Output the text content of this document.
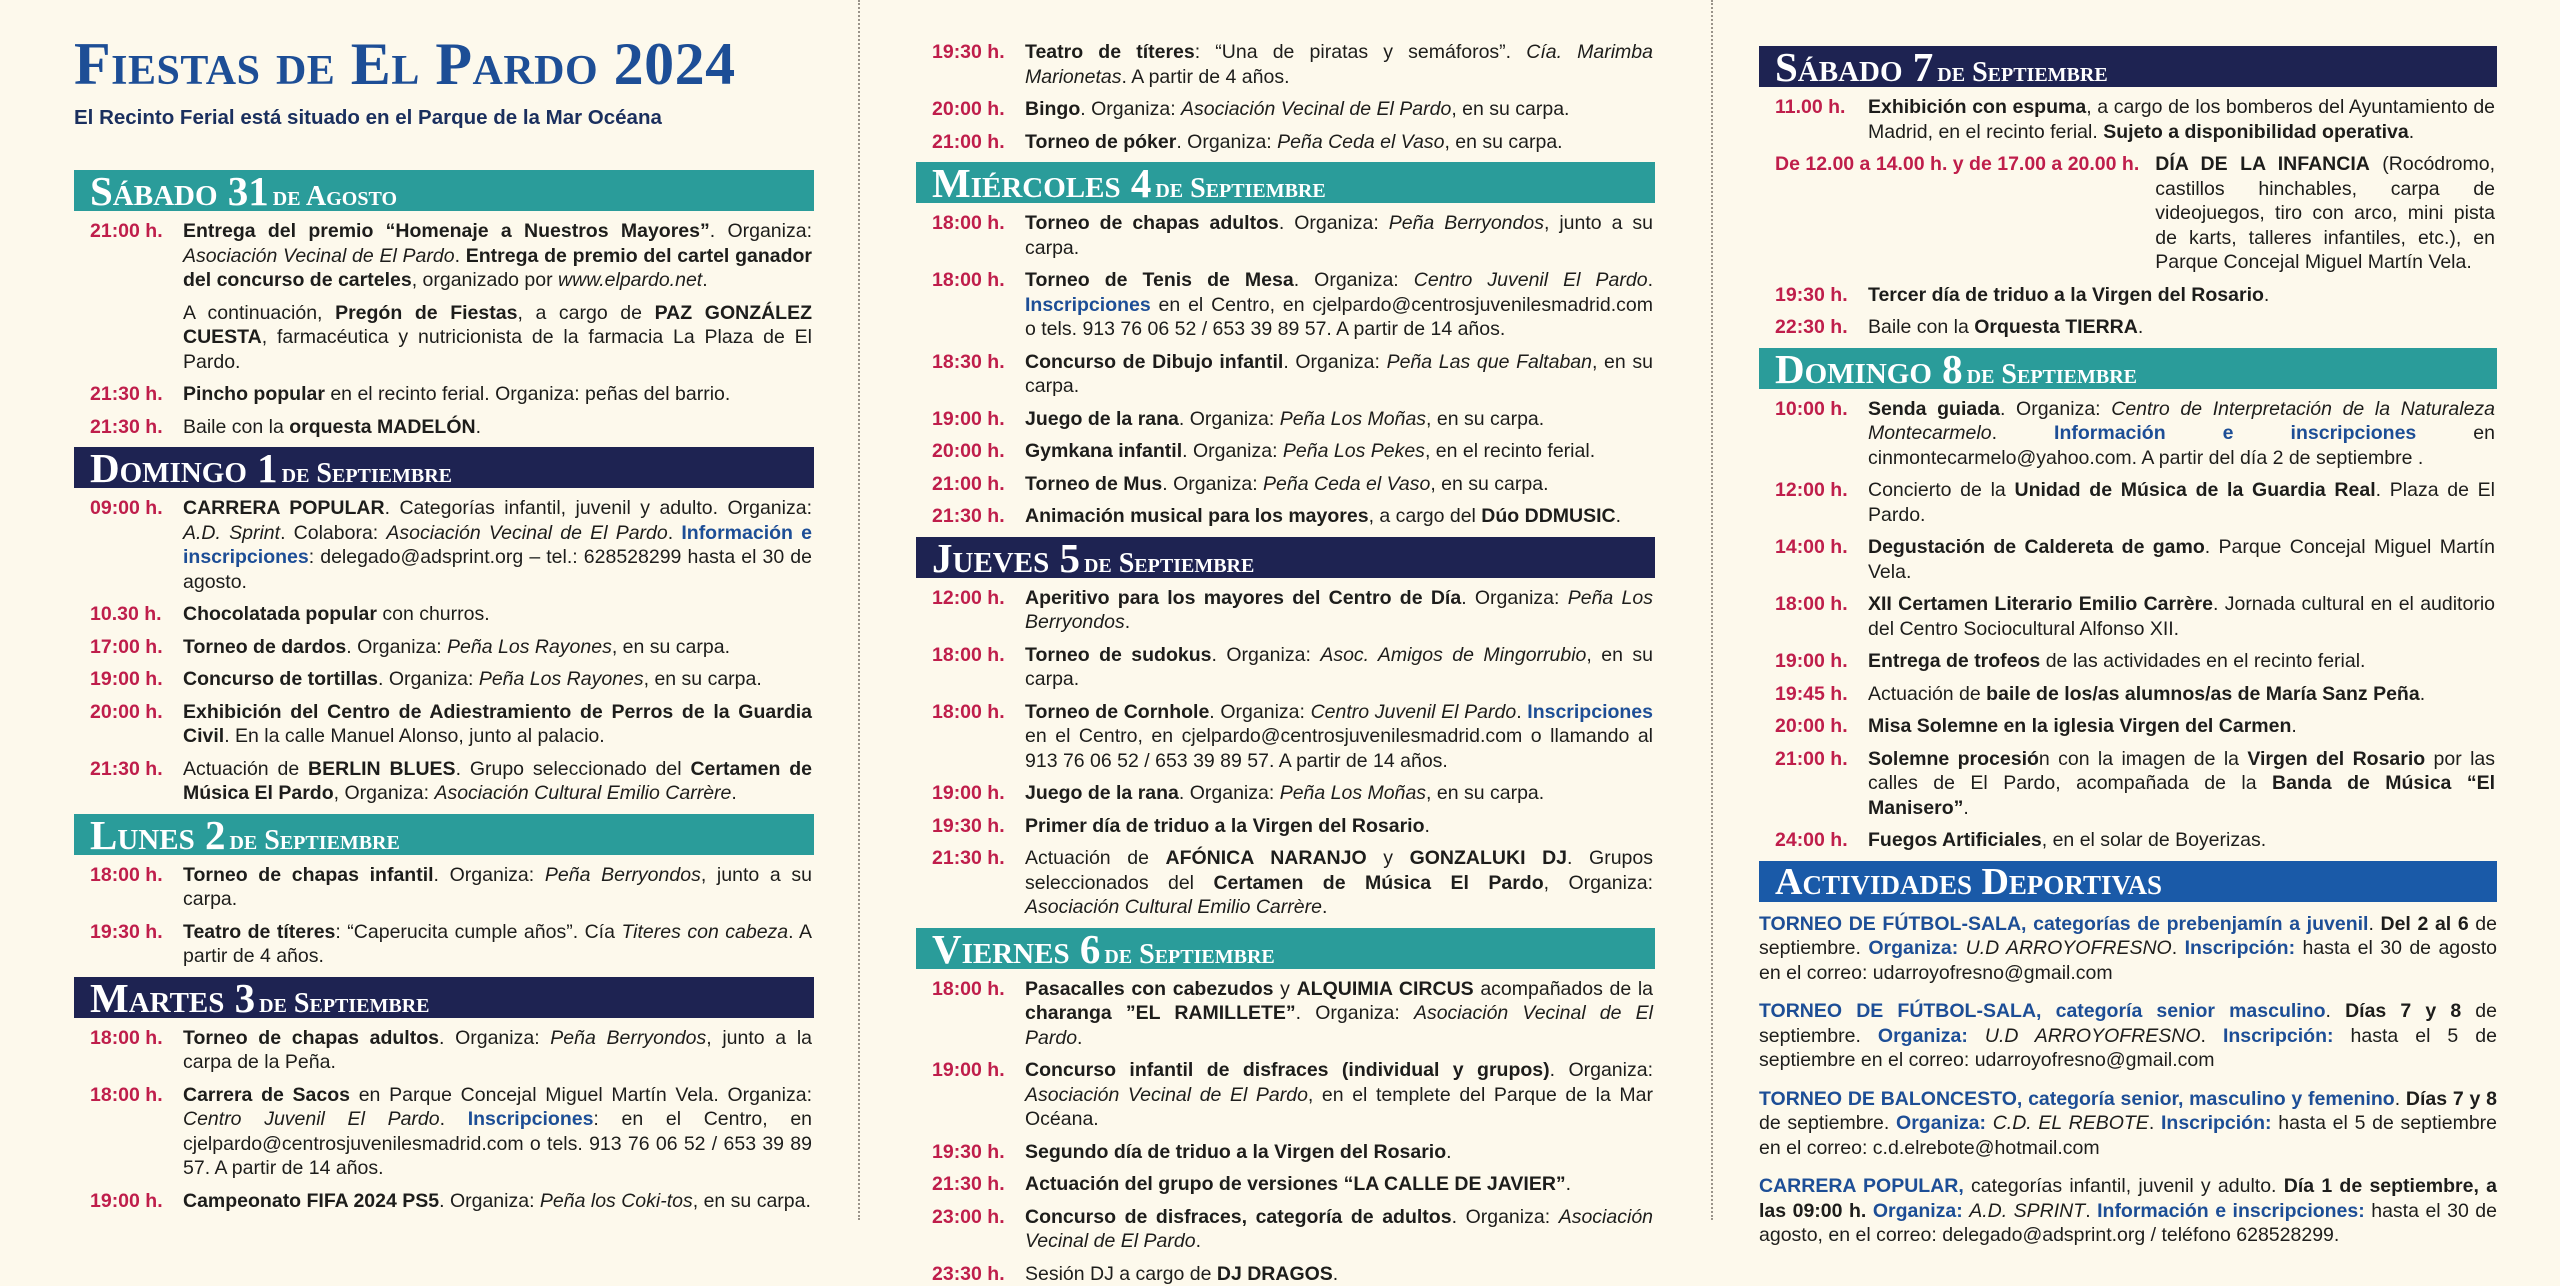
Fiestas de El Pardo 2024
El Recinto Ferial está situado en el Parque de la Mar Océana
Sábado 31 de Agosto
21:00 h.	Entrega del premio “Homenaje a Nuestros Mayores”. Organiza: Asociación Vecinal de El Pardo. Entrega de premio del cartel ganador del concurso de carteles, organizado por www.elpardo.net.
A continuación, Pregón de Fiestas, a cargo de PAZ GONZÁLEZ CUESTA, farmacéutica y nutricionista de la farmacia La Plaza de El Pardo.
21:30 h.	Pincho popular en el recinto ferial. Organiza: peñas del barrio.
21:30 h.	Baile con la orquesta MADELÓN.
Domingo 1 de Septiembre
09:00 h.	CARRERA POPULAR. Categorías infantil, juvenil y adulto. Organiza: A.D. Sprint. Colabora: Asociación Vecinal de El Pardo. Información e inscripciones: delegado@adsprint.org – tel.: 628528299 hasta el 30 de agosto.
10.30 h.	Chocolatada popular con churros.
17:00 h.	Torneo de dardos. Organiza: Peña Los Rayones, en su carpa.
19:00 h.	Concurso de tortillas. Organiza: Peña Los Rayones, en su carpa.
20:00 h.	Exhibición del Centro de Adiestramiento de Perros de la Guardia Civil. En la calle Manuel Alonso, junto al palacio.
21:30 h.	Actuación de BERLIN BLUES. Grupo seleccionado del Certamen de Música El Pardo, Organiza: Asociación Cultural Emilio Carrère.
Lunes 2 de Septiembre
18:00 h.	Torneo de chapas infantil. Organiza: Peña Berryondos, junto a su carpa.
19:30 h.	Teatro de títeres: “Caperucita cumple años”. Cía Titeres con cabeza. A partir de 4 años.
Martes 3 de Septiembre
18:00 h.	Torneo de chapas adultos. Organiza: Peña Berryondos, junto a la carpa de la Peña.
18:00 h.	Carrera de Sacos en Parque Concejal Miguel Martín Vela. Organiza: Centro Juvenil El Pardo. Inscripciones: en el Centro, en cjelpardo@centrosjuvenilesmadrid.com o tels. 913 76 06 52 / 653 39 89 57. A partir de 14 años.
19:00 h.	Campeonato FIFA 2024 PS5. Organiza: Peña los Coki-tos, en su carpa.
19:30 h.	Teatro de títeres: “Una de piratas y semáforos”. Cía. Marimba Marionetas. A partir de 4 años.
20:00 h.	Bingo. Organiza: Asociación Vecinal de El Pardo, en su carpa.
21:00 h.	Torneo de póker. Organiza: Peña Ceda el Vaso, en su carpa.
Miércoles 4 de Septiembre
18:00 h.	Torneo de chapas adultos. Organiza: Peña Berryondos, junto a su carpa.
18:00 h.	Torneo de Tenis de Mesa. Organiza: Centro Juvenil El Pardo. Inscripciones en el Centro, en cjelpardo@centrosjuvenilesmadrid.com o tels. 913 76 06 52 / 653 39 89 57. A partir de 14 años.
18:30 h.	Concurso de Dibujo infantil. Organiza: Peña Las que Faltaban, en su carpa.
19:00 h.	Juego de la rana. Organiza: Peña Los Moñas, en su carpa.
20:00 h.	Gymkana infantil. Organiza: Peña Los Pekes, en el recinto ferial.
21:00 h.	Torneo de Mus. Organiza: Peña Ceda el Vaso, en su carpa.
21:30 h.	Animación musical para los mayores, a cargo del Dúo DDMUSIC.
Jueves 5 de Septiembre
12:00 h.	Aperitivo para los mayores del Centro de Día. Organiza: Peña Los Berryondos.
18:00 h.	Torneo de sudokus. Organiza: Asoc. Amigos de Mingorrubio, en su carpa.
18:00 h.	Torneo de Cornhole. Organiza: Centro Juvenil El Pardo. Inscripciones en el Centro, en cjelpardo@centrosjuvenilesmadrid.com o llamando al 913 76 06 52 / 653 39 89 57. A partir de 14 años.
19:00 h.	Juego de la rana. Organiza: Peña Los Moñas, en su carpa.
19:30 h.	Primer día de triduo a la Virgen del Rosario.
21:30 h.	Actuación de AFÓNICA NARANJO y GONZALUKI DJ. Grupos seleccionados del Certamen de Música El Pardo, Organiza: Asociación Cultural Emilio Carrère.
Viernes 6 de Septiembre
18:00 h.	Pasacalles con cabezudos y ALQUIMIA CIRCUS acompañados de la charanga ”EL RAMILLETE”. Organiza: Asociación Vecinal de El Pardo.
19:00 h.	Concurso infantil de disfraces (individual y grupos). Organiza: Asociación Vecinal de El Pardo, en el templete del Parque de la Mar Océana.
19:30 h.	Segundo día de triduo a la Virgen del Rosario.
21:30 h.	Actuación del grupo de versiones “LA CALLE DE JAVIER”.
23:00 h.	Concurso de disfraces, categoría de adultos. Organiza: Asociación Vecinal de El Pardo.
23:30 h.	Sesión DJ a cargo de DJ DRAGOS.
Sábado 7 de Septiembre
11.00 h.	Exhibición con espuma, a cargo de los bomberos del Ayuntamiento de Madrid, en el recinto ferial. Sujeto a disponibilidad operativa.
De 12.00 a 14.00 h. y de 17.00 a 20.00 h. DÍA DE LA INFANCIA (Rocódromo, castillos hinchables, carpa de videojuegos, tiro con arco, mini pista de karts, talleres infantiles, etc.), en Parque Concejal Miguel Martín Vela.
19:30 h.	Tercer día de triduo a la Virgen del Rosario.
22:30 h.	Baile con la Orquesta TIERRA.
Domingo 8 de Septiembre
10:00 h.	Senda guiada. Organiza: Centro de Interpretación de la Naturaleza Montecarmelo. Información e inscripciones en cinmontecarmelo@yahoo.com. A partir del día 2 de septiembre .
12:00 h.	Concierto de la Unidad de Música de la Guardia Real. Plaza de El Pardo.
14:00 h.	Degustación de Caldereta de gamo. Parque Concejal Miguel Martín Vela.
18:00 h.	XII Certamen Literario Emilio Carrère. Jornada cultural en el auditorio del Centro Sociocultural Alfonso XII.
19:00 h.	Entrega de trofeos de las actividades en el recinto ferial.
19:45 h.	Actuación de baile de los/as alumnos/as de María Sanz Peña.
20:00 h.	Misa Solemne en la iglesia Virgen del Carmen.
21:00 h.	Solemne procesión con la imagen de la Virgen del Rosario por las calles de El Pardo, acompañada de la Banda de Música “El Manisero”.
24:00 h.	Fuegos Artificiales, en el solar de Boyerizas.
Actividades Deportivas
TORNEO DE FÚTBOL-SALA, categorías de prebenjamín a juvenil. Del 2 al 6 de septiembre. Organiza: U.D ARROYOFRESNO. Inscripción: hasta el 30 de agosto en el correo: udarroyofresno@gmail.com
TORNEO DE FÚTBOL-SALA, categoría senior masculino. Días 7 y 8 de septiembre. Organiza: U.D ARROYOFRESNO. Inscripción: hasta el 5 de septiembre en el correo: udarroyofresno@gmail.com
TORNEO DE BALONCESTO, categoría senior, masculino y femenino. Días 7 y 8 de septiembre. Organiza: C.D. EL REBOTE. Inscripción: hasta el 5 de septiembre en el correo: c.d.elrebote@hotmail.com
CARRERA POPULAR, categorías infantil, juvenil y adulto. Día 1 de septiembre, a las 09:00 h. Organiza: A.D. SPRINT. Información e inscripciones: hasta el 30 de agosto, en el correo: delegado@adsprint.org / teléfono 628528299.
